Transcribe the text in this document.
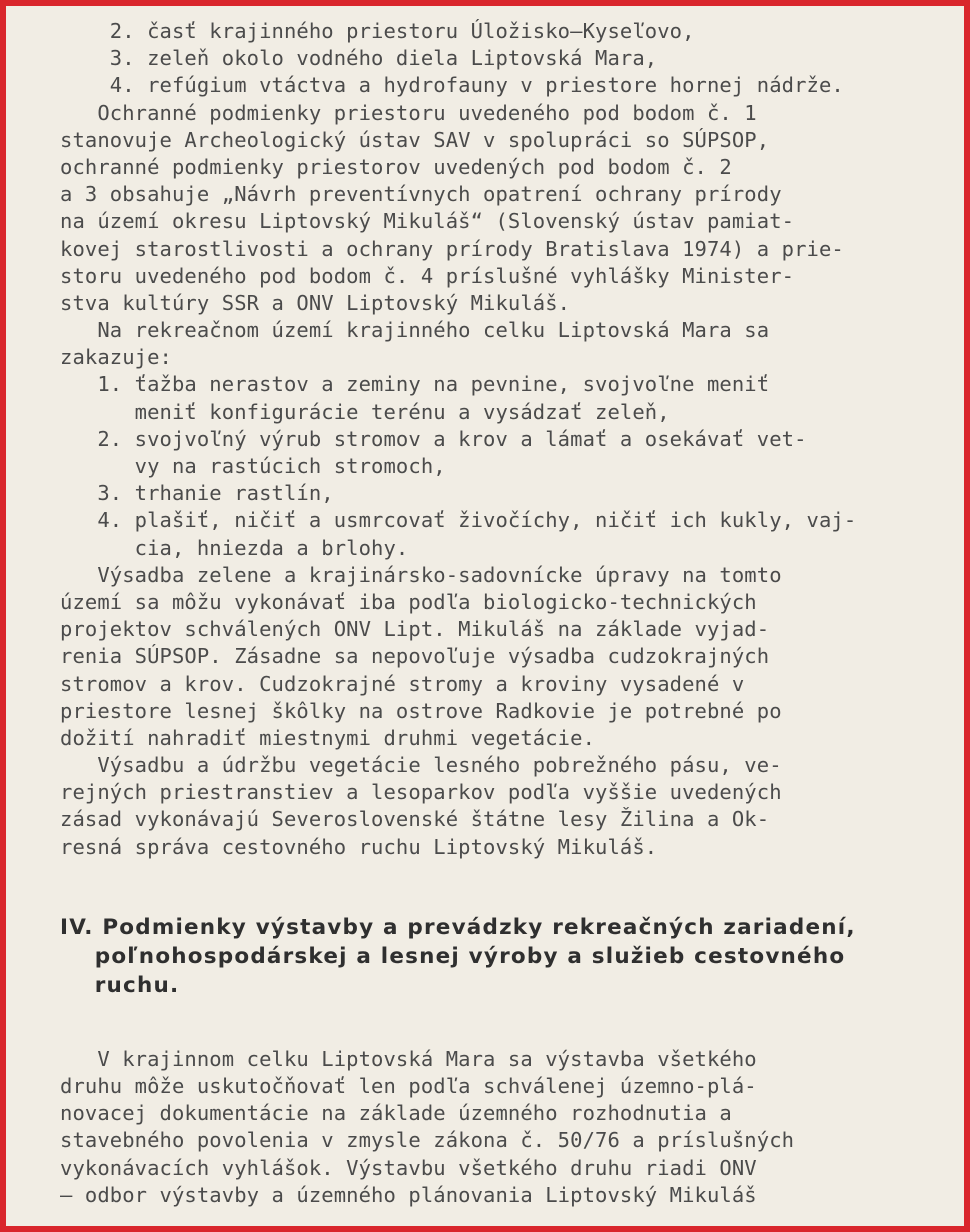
2. časť krajinného priestoru Úložisko—Kyseľovo,
3. zeleň okolo vodného diela Liptovská Mara,
4. refúgium vtáctva a hydrofauny v priestore hornej nádrže.
Ochranné podmienky priestoru uvedeného pod bodom č. 1
stanovuje Archeologický ústav SAV v spolupráci so SÚPSOP,
ochranné podmienky priestorov uvedených pod bodom č. 2
a 3 obsahuje „Návrh preventívnych opatrení ochrany prírody
na území okresu Liptovský Mikuláš“ (Slovenský ústav pamiat-
kovej starostlivosti a ochrany prírody Bratislava 1974) a prie-
storu uvedeného pod bodom č. 4 príslušné vyhlášky Minister-
stva kultúry SSR a ONV Liptovský Mikuláš.
Na rekreačnom území krajinného celku Liptovská Mara sa
zakazuje:
1. ťažba nerastov a zeminy na pevnine, svojvoľne meniť
meniť konfigurácie terénu a vysádzať zeleň,
2. svojvoľný výrub stromov a krov a lámať a osekávať vet-
vy na rastúcich stromoch,
3. trhanie rastlín,
4. plašiť, ničiť a usmrcovať živočíchy, ničiť ich kukly, vaj-
cia, hniezda a brlohy.
Výsadba zelene a krajinársko-sadovnícke úpravy na tomto
území sa môžu vykonávať iba podľa biologicko-technických
projektov schválených ONV Lipt. Mikuláš na základe vyjad-
renia SÚPSOP. Zásadne sa nepovoľuje výsadba cudzokrajných
stromov a krov. Cudzokrajné stromy a kroviny vysadené v
priestore lesnej škôlky na ostrove Radkovie je potrebné po
dožití nahradiť miestnymi druhmi vegetácie.
Výsadbu a údržbu vegetácie lesného pobrežného pásu, ve-
rejných priestranstiev a lesoparkov podľa vyššie uvedených
zásad vykonávajú Severoslovenské štátne lesy Žilina a Ok-
resná správa cestovného ruchu Liptovský Mikuláš.
IV. Podmienky výstavby a prevádzky rekreačných zariadení,
poľnohospodárskej a lesnej výroby a služieb cestovného
ruchu.
V krajinnom celku Liptovská Mara sa výstavba všetkého
druhu môže uskutočňovať len podľa schválenej územno-plá-
novacej dokumentácie na základe územného rozhodnutia a
stavebného povolenia v zmysle zákona č. 50/76 a príslušných
vykonávacích vyhlášok. Výstavbu všetkého druhu riadi ONV
— odbor výstavby a územného plánovania Liptovský Mikuláš
